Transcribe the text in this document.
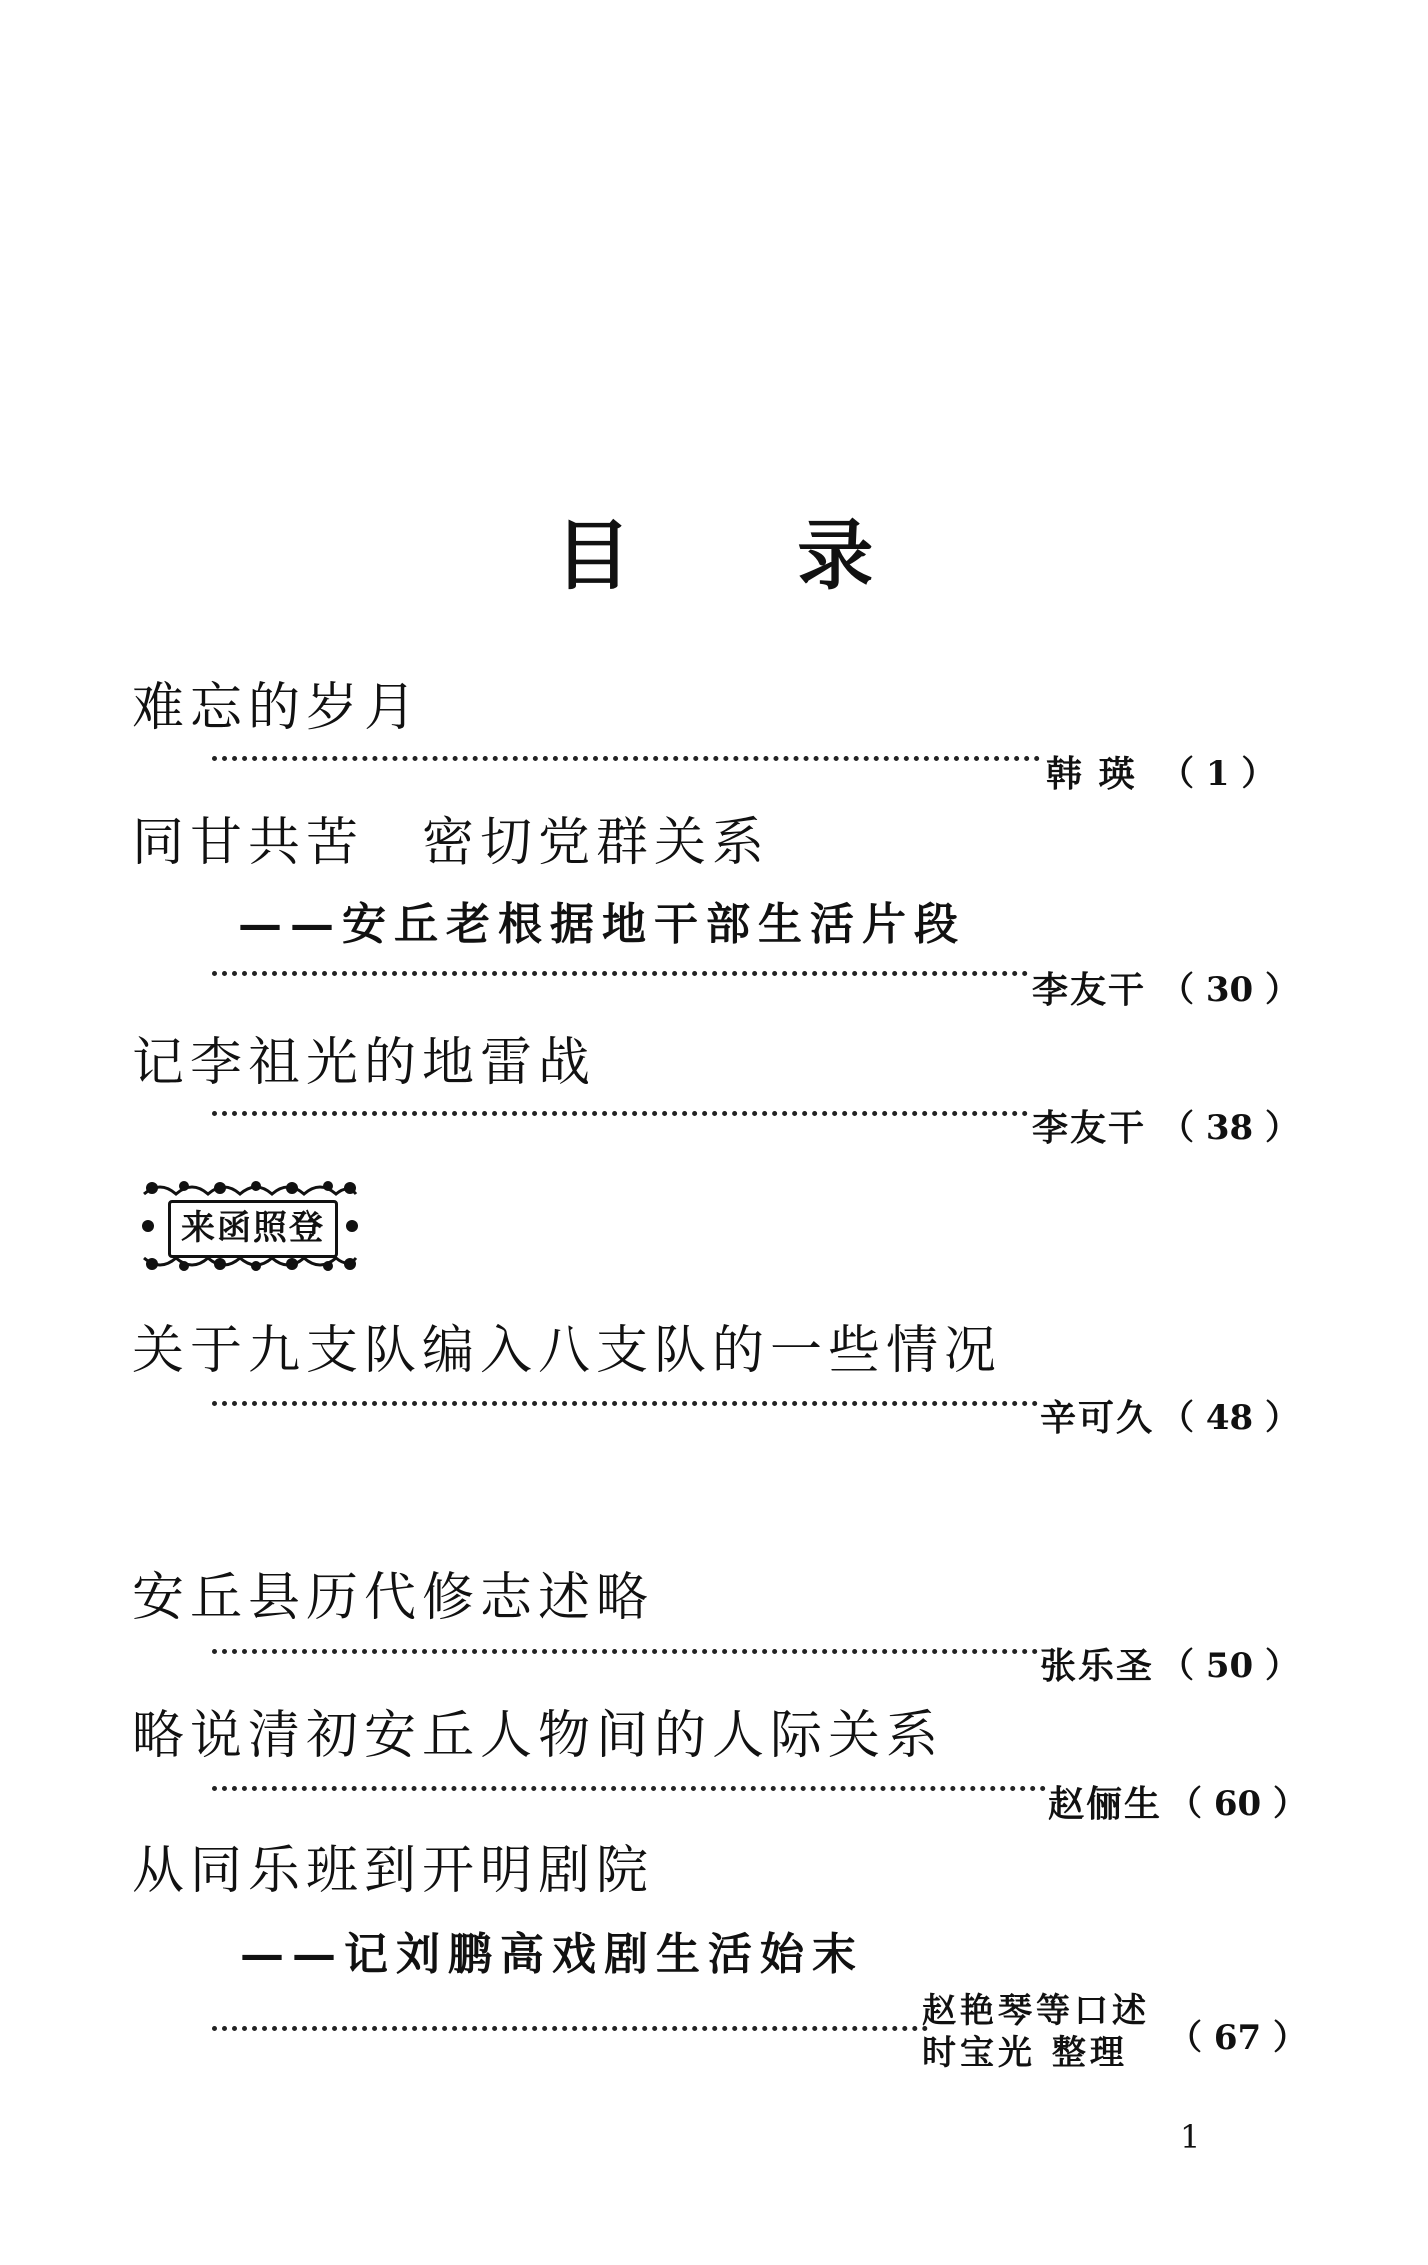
目 录
难忘的岁月
韩 瑛 （ 1 ）
同甘共苦　密切党群关系
——安丘老根据地干部生活片段
李友干 （ 30 ）
记李祖光的地雷战
李友干 （ 38 ）
来函照登
关于九支队编入八支队的一些情况
辛可久 （ 48 ）
安丘县历代修志述略
张乐圣 （ 50 ）
略说清初安丘人物间的人际关系
赵俪生 （ 60 ）
从同乐班到开明剧院
——记刘鹏高戏剧生活始末
赵艳琴等口述
时宝光 整理	（ 67 ）
1
